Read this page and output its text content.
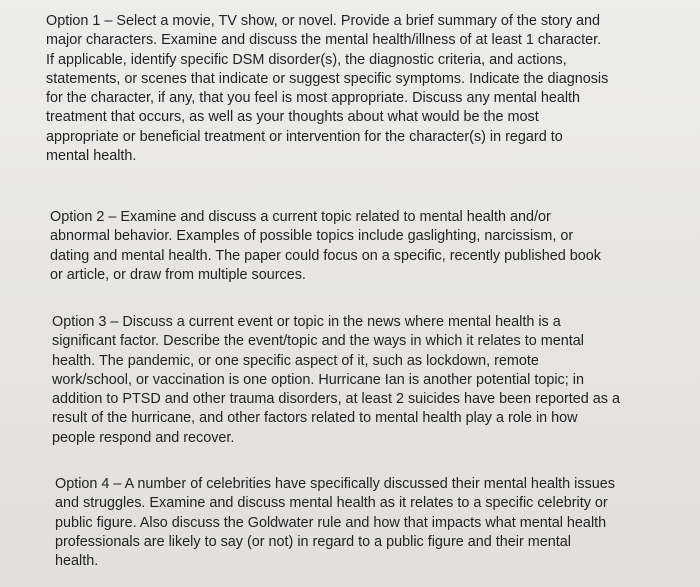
Option 1 – Select a movie, TV show, or novel. Provide a brief summary of the story and
major characters. Examine and discuss the mental health/illness of at least 1 character.
If applicable, identify specific DSM disorder(s), the diagnostic criteria, and actions,
statements, or scenes that indicate or suggest specific symptoms. Indicate the diagnosis
for the character, if any, that you feel is most appropriate. Discuss any mental health
treatment that occurs, as well as your thoughts about what would be the most
appropriate or beneficial treatment or intervention for the character(s) in regard to
mental health.

Option 2 – Examine and discuss a current topic related to mental health and/or
abnormal behavior. Examples of possible topics include gaslighting, narcissism, or
dating and mental health. The paper could focus on a specific, recently published book
or article, or draw from multiple sources.

Option 3 – Discuss a current event or topic in the news where mental health is a
significant factor. Describe the event/topic and the ways in which it relates to mental
health. The pandemic, or one specific aspect of it, such as lockdown, remote
work/school, or vaccination is one option. Hurricane Ian is another potential topic; in
addition to PTSD and other trauma disorders, at least 2 suicides have been reported as a
result of the hurricane, and other factors related to mental health play a role in how
people respond and recover.

Option 4 – A number of celebrities have specifically discussed their mental health issues
and struggles. Examine and discuss mental health as it relates to a specific celebrity or
public figure. Also discuss the Goldwater rule and how that impacts what mental health
professionals are likely to say (or not) in regard to a public figure and their mental
health.
